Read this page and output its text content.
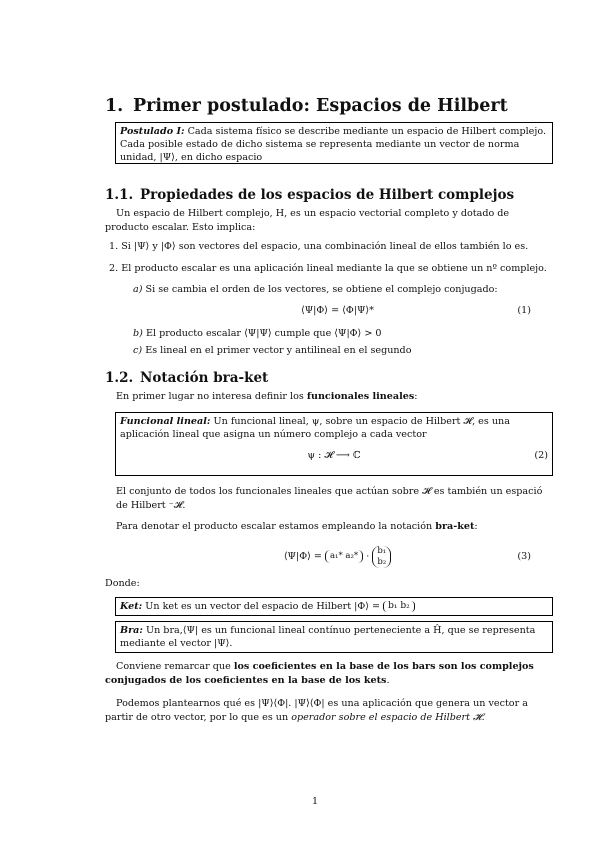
1. Primer postulado: Espacios de Hilbert
Postulado I: Cada sistema físico se describe mediante un espacio de Hilbert complejo. Cada posible estado de dicho sistema se representa mediante un vector de norma unidad, |Ψ⟩, en dicho espacio
1.1. Propiedades de los espacios de Hilbert complejos
Un espacio de Hilbert complejo, H, es un espacio vectorial completo y dotado de producto escalar. Esto implica:
1. Si |Ψ⟩ y |Φ⟩ son vectores del espacio, una combinación lineal de ellos también lo es.
2. El producto escalar es una aplicación lineal mediante la que se obtiene un nº complejo.
a) Si se cambia el orden de los vectores, se obtiene el complejo conjugado:
⟨Ψ|Φ⟩ = ⟨Φ|Ψ⟩*	(1)
b) El producto escalar ⟨Ψ|Ψ⟩ cumple que ⟨Ψ|Φ⟩ > 0
c) Es lineal en el primer vector y antilineal en el segundo
1.2. Notación bra-ket
En primer lugar no interesa definir los funcionales lineales:
Funcional lineal: Un funcional lineal, ψ, sobre un espacio de Hilbert 𝓗, es una aplicación lineal que asigna un número complejo a cada vector
ψ : 𝓗 ⟶ ℂ	(2)
El conjunto de todos los funcionales lineales que actúan sobre 𝓗 es también un espació de Hilbert ⁻𝓗.
Para denotar el producto escalar estamos empleando la notación bra-ket:
⟨Ψ|Φ⟩ = a₁* a₂* ·
b₁
b₂	(3)
Donde:
Ket: Un ket es un vector del espacio de Hilbert |Φ⟩ = b₁ b₂
Bra: Un bra,⟨Ψ| es un funcional lineal contínuo perteneciente a Ĥ, que se representa mediante el vector |Ψ⟩.
Conviene remarcar que los coeficientes en la base de los bars son los complejos conjugados de los coeficientes en la base de los kets.
Podemos plantearnos qué es |Ψ⟩⟨Φ|. |Ψ⟩⟨Φ| es una aplicación que genera un vector a partir de otro vector, por lo que es un operador sobre el espacio de Hilbert 𝓗.
1
